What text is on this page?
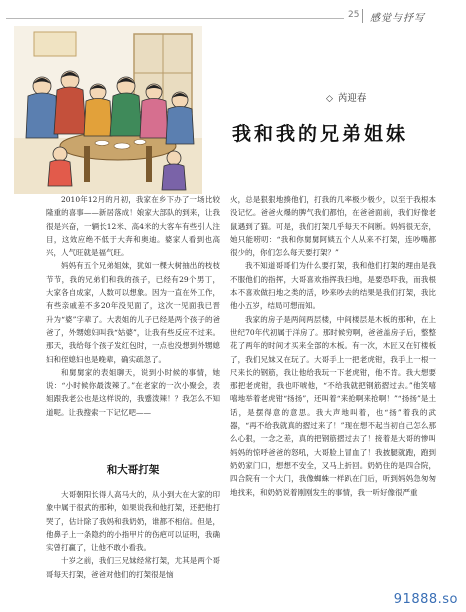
25 感觉与抒写
◇ 芮迎春
我和我的兄弟姐妹

2010年12月的月初，我家在乡下办了一场比较隆重的喜事——新居落成！娘家大部队的到来，让我很是兴奋，一辆长12米、高4米的大客车有些引人注目，这效应绝不低于大奔和奥迪。婆家人看到也高兴，人气旺就是福气旺。

妈妈有五个兄弟姐妹，犹如一棵大树抽出的枝枝节节，我的兄弟们和我的孩子，已经有29个男丁，大家各自成家，人数可以想象。因为一直在外工作，有些亲戚差不多20年没见面了，这次一见面我已晋升为“婆”字辈了。大表姐的儿子已经是两个孩子的爸爸了，外甥媳妇叫我“姑婆”，让我有些反应不过来。那天，我给每个孩子发红包时，一点也没想到外甥媳妇和侄媳妇也是晚辈，确实疏忽了。

和舅舅家的表姐聊天，说到小时候的事情，她说：“小时候你最泼辣了。”在老家的一次小聚会，表姐跟我老公也是这样说的，我蹙泼辣！？我怎么不知道呢。让我搜索一下记忆吧——

和大哥打架

大哥朝阳长得人高马大的，从小到大在大家的印象中属于很武的那种，如果说我和他打架，还把他打哭了，估计除了我妈和我奶奶，谁都不相信。但是，他鼻子上一条隐约的小指甲片的伤疤可以证明，我确实曾打赢了，让他不敢小看我。

十岁之前，我们三兄妹经常打架，尤其是两个哥哥每天打架，爸爸对他们的打架很是恼

火，总是狠狠地揍他们，打我的几率极少极少，以至于我根本没记忆。爸爸火爆的脾气我们都怕，在爸爸面前，我们好像老鼠遇到了猫。可是，我们打架几乎每天不间断。妈妈很无奈，她只能唠叨：“我和你舅舅阿姨五个人从来不打架，连吵嘴都很少的，你们怎么每天要打架？”

我不知道哥哥们为什么要打架，我和他们打架的理由是我不服他们的指挥，大哥喜欢指挥我扫地，是要恐吓我，而我根本不喜欢做扫地之类的活，吵来吵去的结果是我们打架，我比他小五岁，结局可想而知。

我家的房子是两间两层楼，中间楼层是木板的那种，在上世纪70年代初属于洋房了。那时候穷啊，爸爸盖房子后，整整花了两年的时间才买来全部的木板。有一次，木匠又在钉楼板了，我们兄妹又在玩了。大哥手上一把老虎钳，我手上一根一尺来长的钢筋，我让他给我玩一下老虎钳，他不肯。我大想要那把老虎钳，我也吓唬他，“不给我就把钢筋摺过去。”他笑嘻嘻地举着老虎钳“扬扬”，还叫着“来抢啊来抢啊！”“扬扬”是土话，是摆得意的意思。我大声地叫着，也“扬”着我的武器，“再不给我就真的摺过来了！”现在想不起当初自己怎么那么心狠，一念之差，真的把钢筋摺过去了！接着是大哥的惨叫妈妈的惊呼爸爸的怒吼，大哥脸上冒血了！我披腿就跑，跑到奶奶家门口，想想不安全，又马上折回。奶奶住的是四合院，四合院有一个大门，我像蜘蛛一样趴在门后，听到妈妈急匆匆地找来，和奶奶说着刚刚发生的事情，我一听好像很严重

91888.so
